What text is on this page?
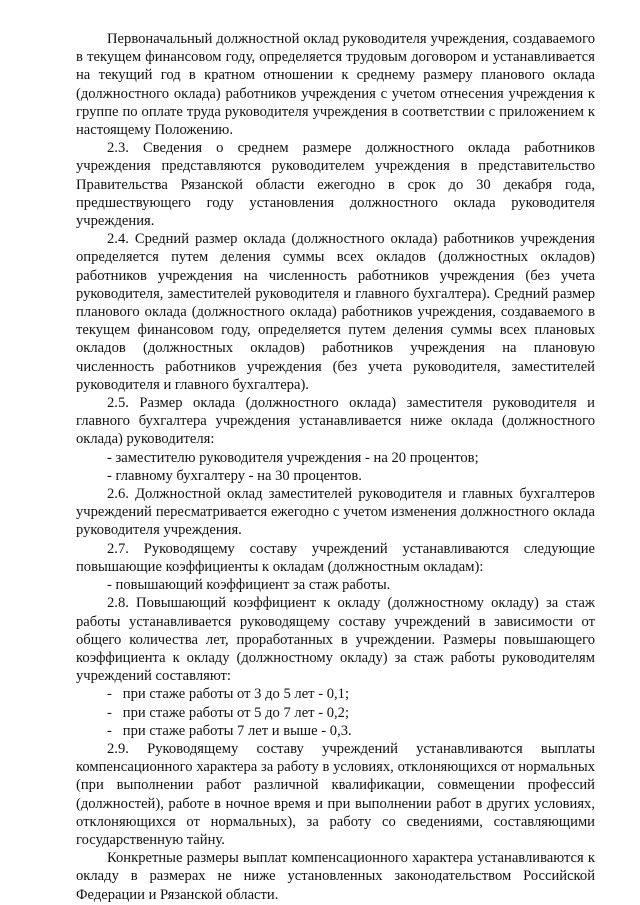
Первоначальный должностной оклад руководителя учреждения, создаваемого в текущем финансовом году, определяется трудовым договором и устанавливается на текущий год в кратном отношении к среднему размеру планового оклада (должностного оклада) работников учреждения с учетом отнесения учреждения к группе по оплате труда руководителя учреждения в соответствии с приложением к настоящему Положению.

2.3. Сведения о среднем размере должностного оклада работников учреждения представляются руководителем учреждения в представительство Правительства Рязанской области ежегодно в срок до 30 декабря года, предшествующего году установления должностного оклада руководителя учреждения.

2.4. Средний размер оклада (должностного оклада) работников учреждения определяется путем деления суммы всех окладов (должностных окладов) работников учреждения на численность работников учреждения (без учета руководителя, заместителей руководителя и главного бухгалтера). Средний размер планового оклада (должностного оклада) работников учреждения, создаваемого в текущем финансовом году, определяется путем деления суммы всех плановых окладов (должностных окладов) работников учреждения на плановую численность работников учреждения (без учета руководителя, заместителей руководителя и главного бухгалтера).

2.5. Размер оклада (должностного оклада) заместителя руководителя и главного бухгалтера учреждения устанавливается ниже оклада (должностного оклада) руководителя:

- заместителю руководителя учреждения - на 20 процентов;

- главному бухгалтеру - на 30 процентов.

2.6. Должностной оклад заместителей руководителя и главных бухгалтеров учреждений пересматривается ежегодно с учетом изменения должностного оклада руководителя учреждения.

2.7. Руководящему составу учреждений устанавливаются следующие повышающие коэффициенты к окладам (должностным окладам):

- повышающий коэффициент за стаж работы.

2.8. Повышающий коэффициент к окладу (должностному окладу) за стаж работы устанавливается руководящему составу учреждений в зависимости от общего количества лет, проработанных в учреждении. Размеры повышающего коэффициента к окладу (должностному окладу) за стаж работы руководителям учреждений составляют:

-   при стаже работы от 3 до 5 лет - 0,1;

-   при стаже работы от 5 до 7 лет - 0,2;

-   при стаже работы 7 лет и выше - 0,3.

2.9. Руководящему составу учреждений устанавливаются выплаты компенсационного характера за работу в условиях, отклоняющихся от нормальных (при выполнении работ различной квалификации, совмещении профессий (должностей), работе в ночное время и при выполнении работ в других условиях, отклоняющихся от нормальных), за работу со сведениями, составляющими государственную тайну.

Конкретные размеры выплат компенсационного характера устанавливаются к окладу в размерах не ниже установленных законодательством Российской Федерации и Рязанской области.
